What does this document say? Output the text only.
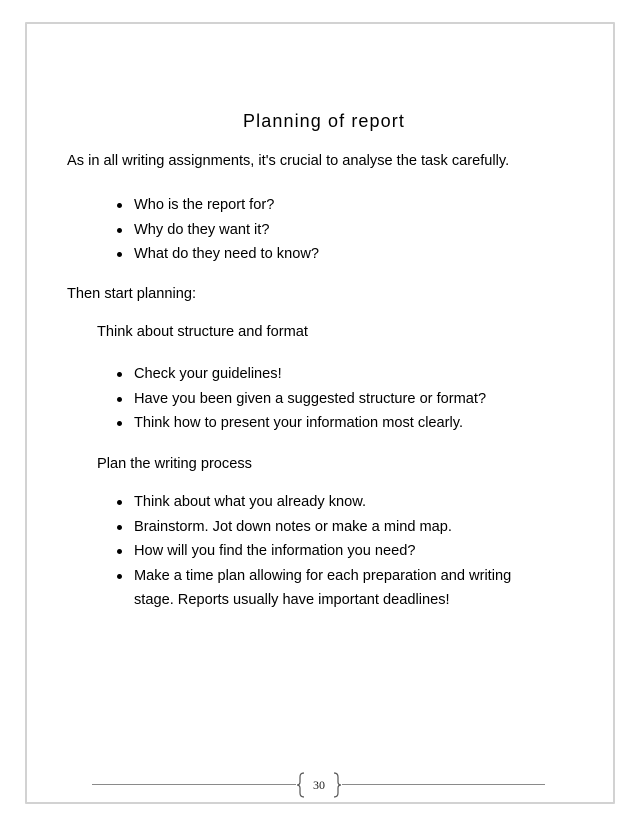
Planning of report

As in all writing assignments, it's crucial to analyse the task carefully.

Who is the report for?
Why do they want it?
What do they need to know?

Then start planning:

Think about structure and format

Check your guidelines!
Have you been given a suggested structure or format?
Think how to present your information most clearly.

Plan the writing process

Think about what you already know.
Brainstorm. Jot down notes or make a mind map.
How will you find the information you need?
Make a time plan allowing for each preparation and writing
stage. Reports usually have important deadlines!
30
